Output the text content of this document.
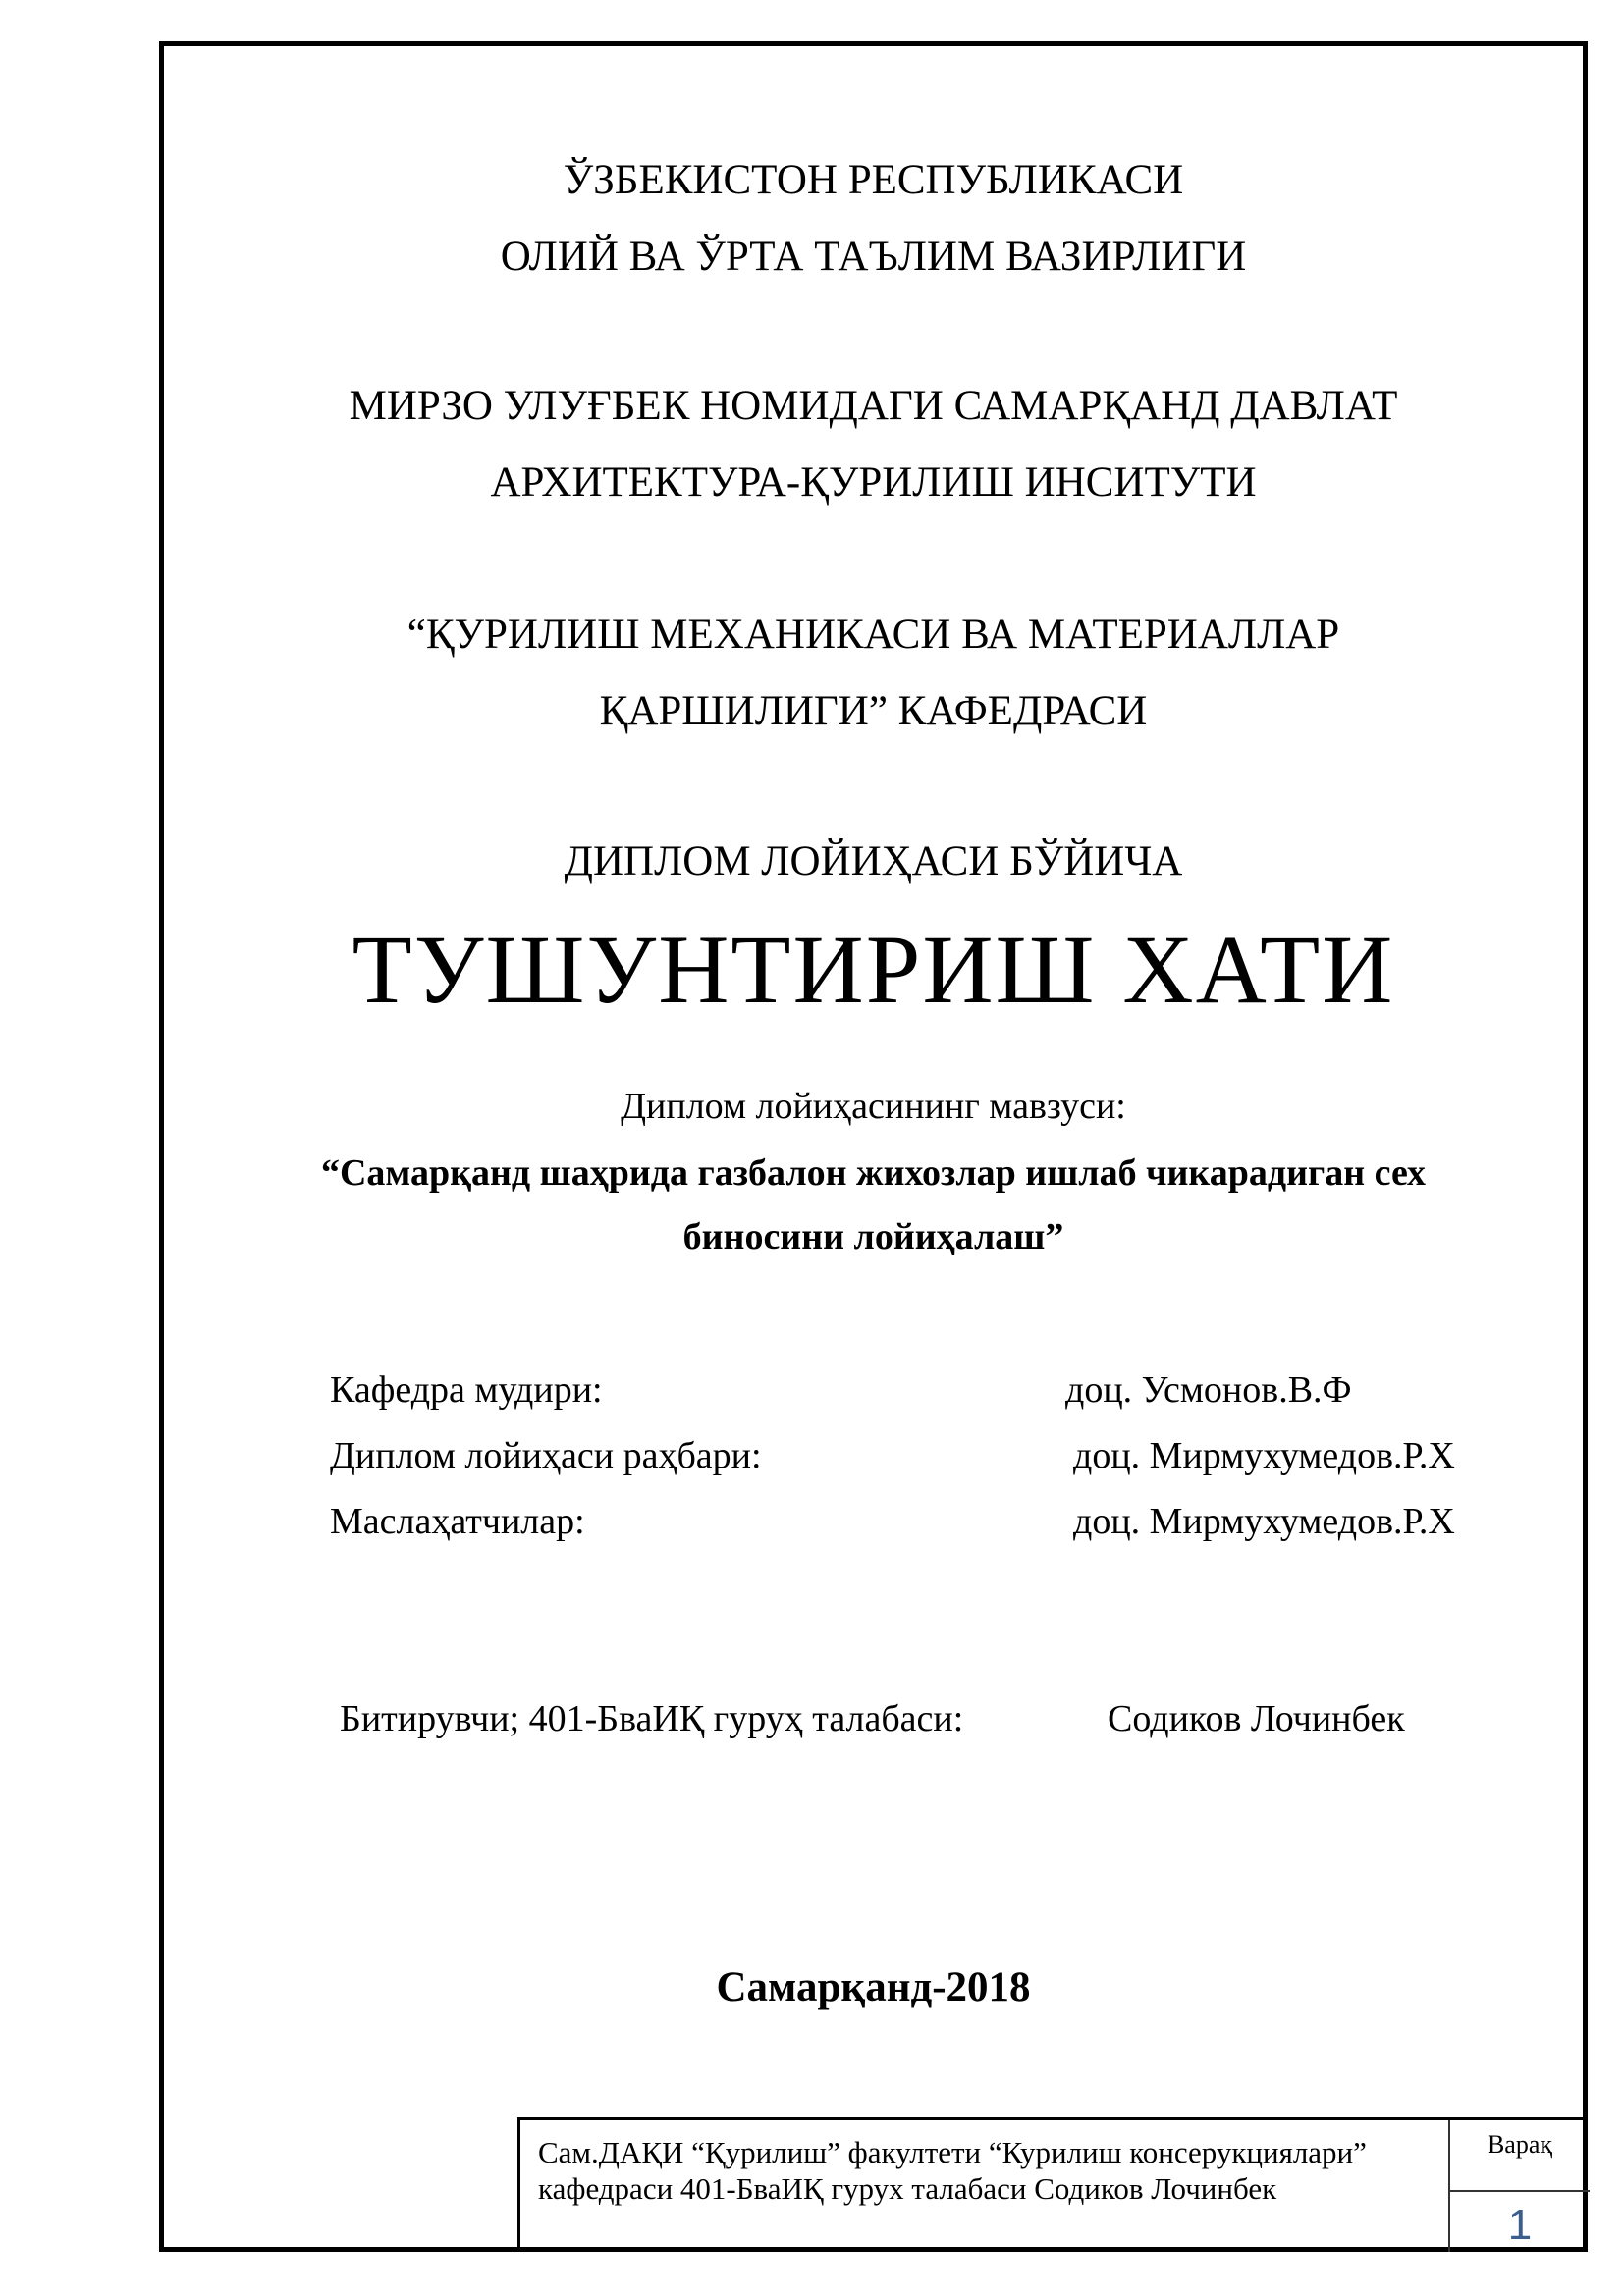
ЎЗБЕКИСТОН РЕСПУБЛИКАСИ
ОЛИЙ ВА ЎРТА ТАЪЛИМ ВАЗИРЛИГИ
МИРЗО УЛУҒБЕК НОМИДАГИ САМАРҚАНД ДАВЛАТ
АРХИТЕКТУРА-ҚУРИЛИШ ИНСИТУТИ
“ҚУРИЛИШ МЕХАНИКАСИ ВА МАТЕРИАЛЛАР
ҚАРШИЛИГИ” КАФЕДРАСИ
ДИПЛОМ ЛОЙИҲАСИ БЎЙИЧА
ТУШУНТИРИШ ХАТИ
Диплом лойиҳасининг мавзуси:
“Самарқанд шаҳрида газбалон жихозлар ишлаб чикарадиган сех
биносини лойиҳалаш”
Кафедра мудири:	доц. Усмонов.В.Ф
Диплом лойиҳаси раҳбари:	доц. Мирмухумедов.Р.Х
Маслаҳатчилар:	доц. Мирмухумедов.Р.Х
Битирувчи; 401-БваИҚ гуруҳ талабаси:	Содиков Лочинбек
Самарқанд-2018
Сам.ДАҚИ “Қурилиш” факултети “Курилиш консерукциялари”
кафедраси 401-БваИҚ гурух талабаси Содиков Лочинбек
Варақ
1
